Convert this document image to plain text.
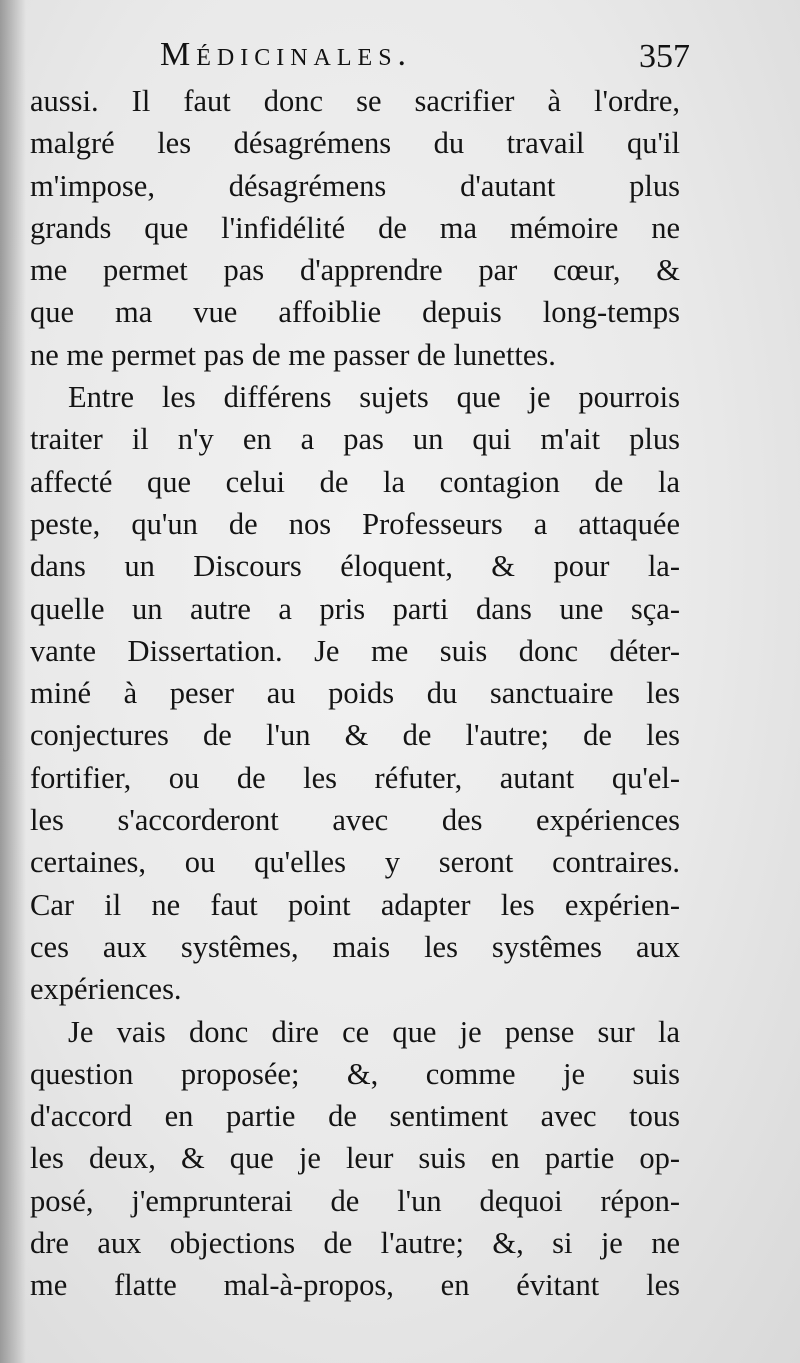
Médicinales.	357
aussi. Il faut donc se sacrifier à l'ordre,
malgré les désagrémens du travail qu'il
m'impose, désagrémens d'autant plus
grands que l'infidélité de ma mémoire ne
me permet pas d'apprendre par cœur, &
que ma vue affoiblie depuis long-temps
ne me permet pas de me passer de lunettes.
Entre les différens sujets que je pourrois
traiter il n'y en a pas un qui m'ait plus
affecté que celui de la contagion de la
peste, qu'un de nos Professeurs a attaquée
dans un Discours éloquent, & pour la-
quelle un autre a pris parti dans une sça-
vante Dissertation. Je me suis donc déter-
miné à peser au poids du sanctuaire les
conjectures de l'un & de l'autre; de les
fortifier, ou de les réfuter, autant qu'el-
les s'accorderont avec des expériences
certaines, ou qu'elles y seront contraires.
Car il ne faut point adapter les expérien-
ces aux systêmes, mais les systêmes aux
expériences.
Je vais donc dire ce que je pense sur la
question proposée; &, comme je suis
d'accord en partie de sentiment avec tous
les deux, & que je leur suis en partie op-
posé, j'emprunterai de l'un dequoi répon-
dre aux objections de l'autre; &, si je ne
me flatte mal-à-propos, en évitant les
